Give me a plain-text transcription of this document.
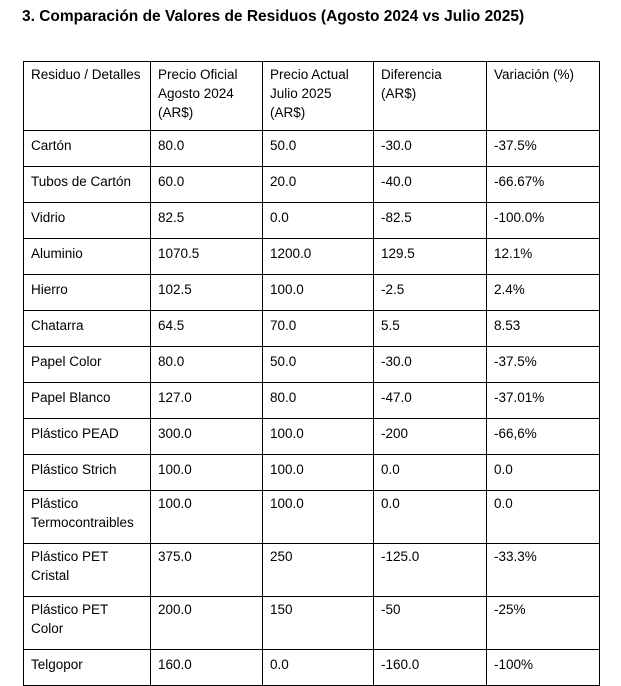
3. Comparación de Valores de Residuos (Agosto 2024 vs Julio 2025)
Residuo / Detalles	Precio Oficial Agosto 2024 (AR$)	Precio Actual Julio 2025 (AR$)	Diferencia (AR$)	Variación (%)
Cartón	80.0	50.0	-30.0	-37.5%
Tubos de Cartón	60.0	20.0	-40.0	-66.67%
Vidrio	82.5	0.0	-82.5	-100.0%
Aluminio	1070.5	1200.0	129.5	12.1%
Hierro	102.5	100.0	-2.5	2.4%
Chatarra	64.5	70.0	5.5	8.53
Papel Color	80.0	50.0	-30.0	-37.5%
Papel Blanco	127.0	80.0	-47.0	-37.01%
Plástico PEAD	300.0	100.0	-200	-66,6%
Plástico Strich	100.0	100.0	0.0	0.0
Plástico Termocontraibles	100.0	100.0	0.0	0.0
Plástico PET Cristal	375.0	250	-125.0	-33.3%
Plástico PET Color	200.0	150	-50	-25%
Telgopor	160.0	0.0	-160.0	-100%
